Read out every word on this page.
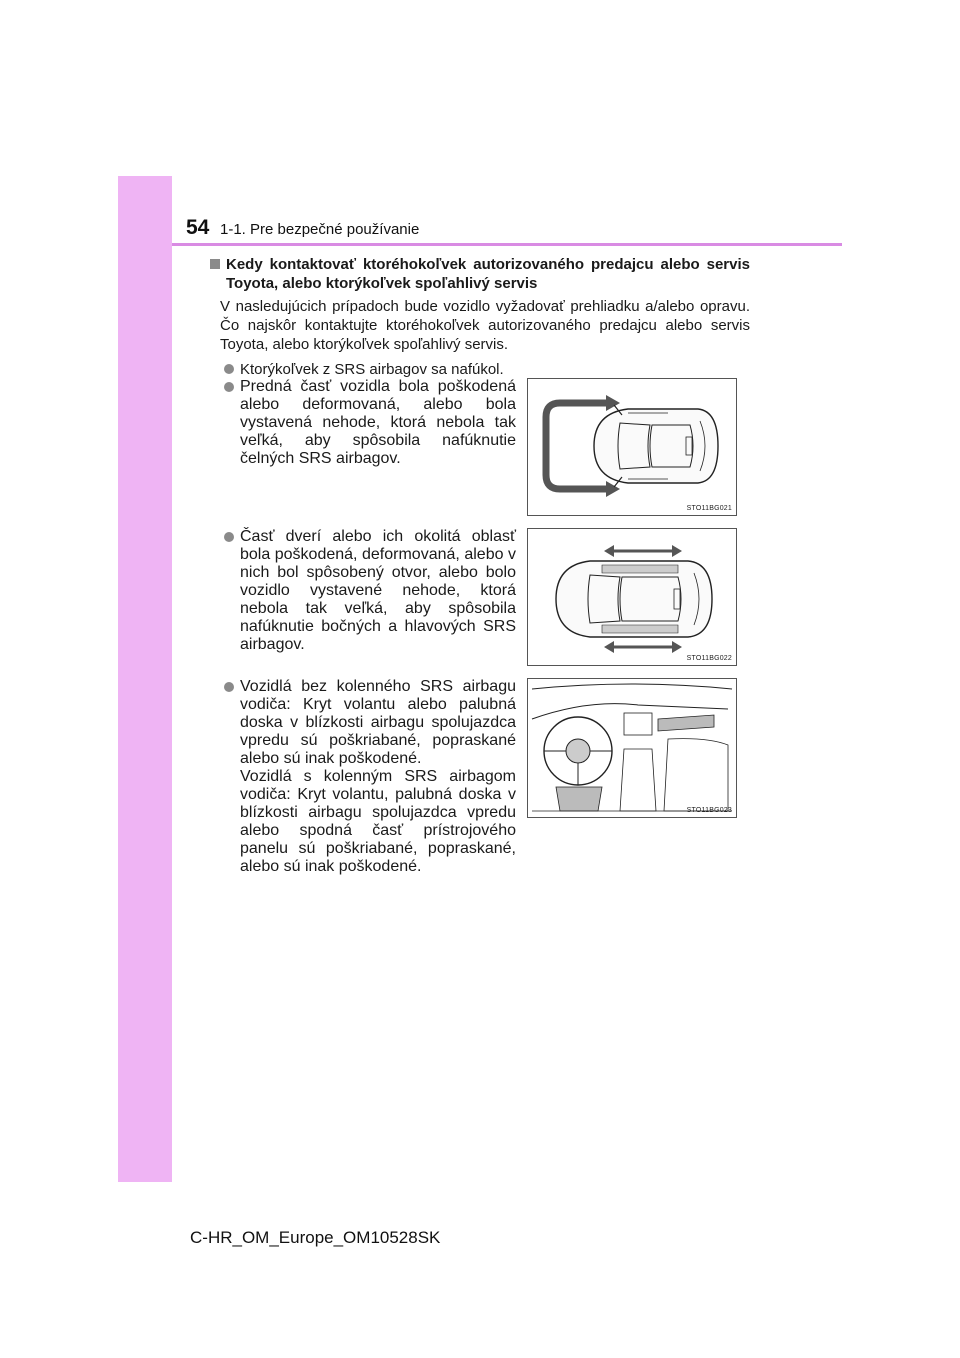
54 1-1. Pre bezpečné používanie
Kedy kontaktovať ktoréhokoľvek autorizovaného predajcu alebo servis Toyota, alebo ktorýkoľvek spoľahlivý servis
V nasledujúcich prípadoch bude vozidlo vyžadovať prehliadku a/alebo opravu. Čo najskôr kontaktujte ktoréhokoľvek autorizovaného predajcu alebo servis Toyota, alebo ktorýkoľvek spoľahlivý servis.
Ktorýkoľvek z SRS airbagov sa nafúkol.
Predná časť vozidla bola poškodená alebo deformovaná, alebo bola vystavená nehode, ktorá nebola tak veľká, aby spôsobila nafúknutie čelných SRS airbagov.
STO11BG021
Časť dverí alebo ich okolitá oblasť bola poškodená, deformovaná, alebo v nich bol spôsobený otvor, alebo bolo vozidlo vystavené nehode, ktorá nebola tak veľká, aby spôsobila nafúknutie bočných a hlavových SRS airbagov.
STO11BG022
Vozidlá bez kolenného SRS airbagu vodiča: Kryt volantu alebo palubná doska v blízkosti airbagu spolujazdca vpredu sú poškriabané, popraskané alebo sú inak poškodené.
Vozidlá s kolenným SRS airbagom vodiča: Kryt volantu, palubná doska v blízkosti airbagu spolujazdca vpredu alebo spodná časť prístrojového panelu sú poškriabané, popraskané, alebo sú inak poškodené.
STO11BG023
C-HR_OM_Europe_OM10528SK
